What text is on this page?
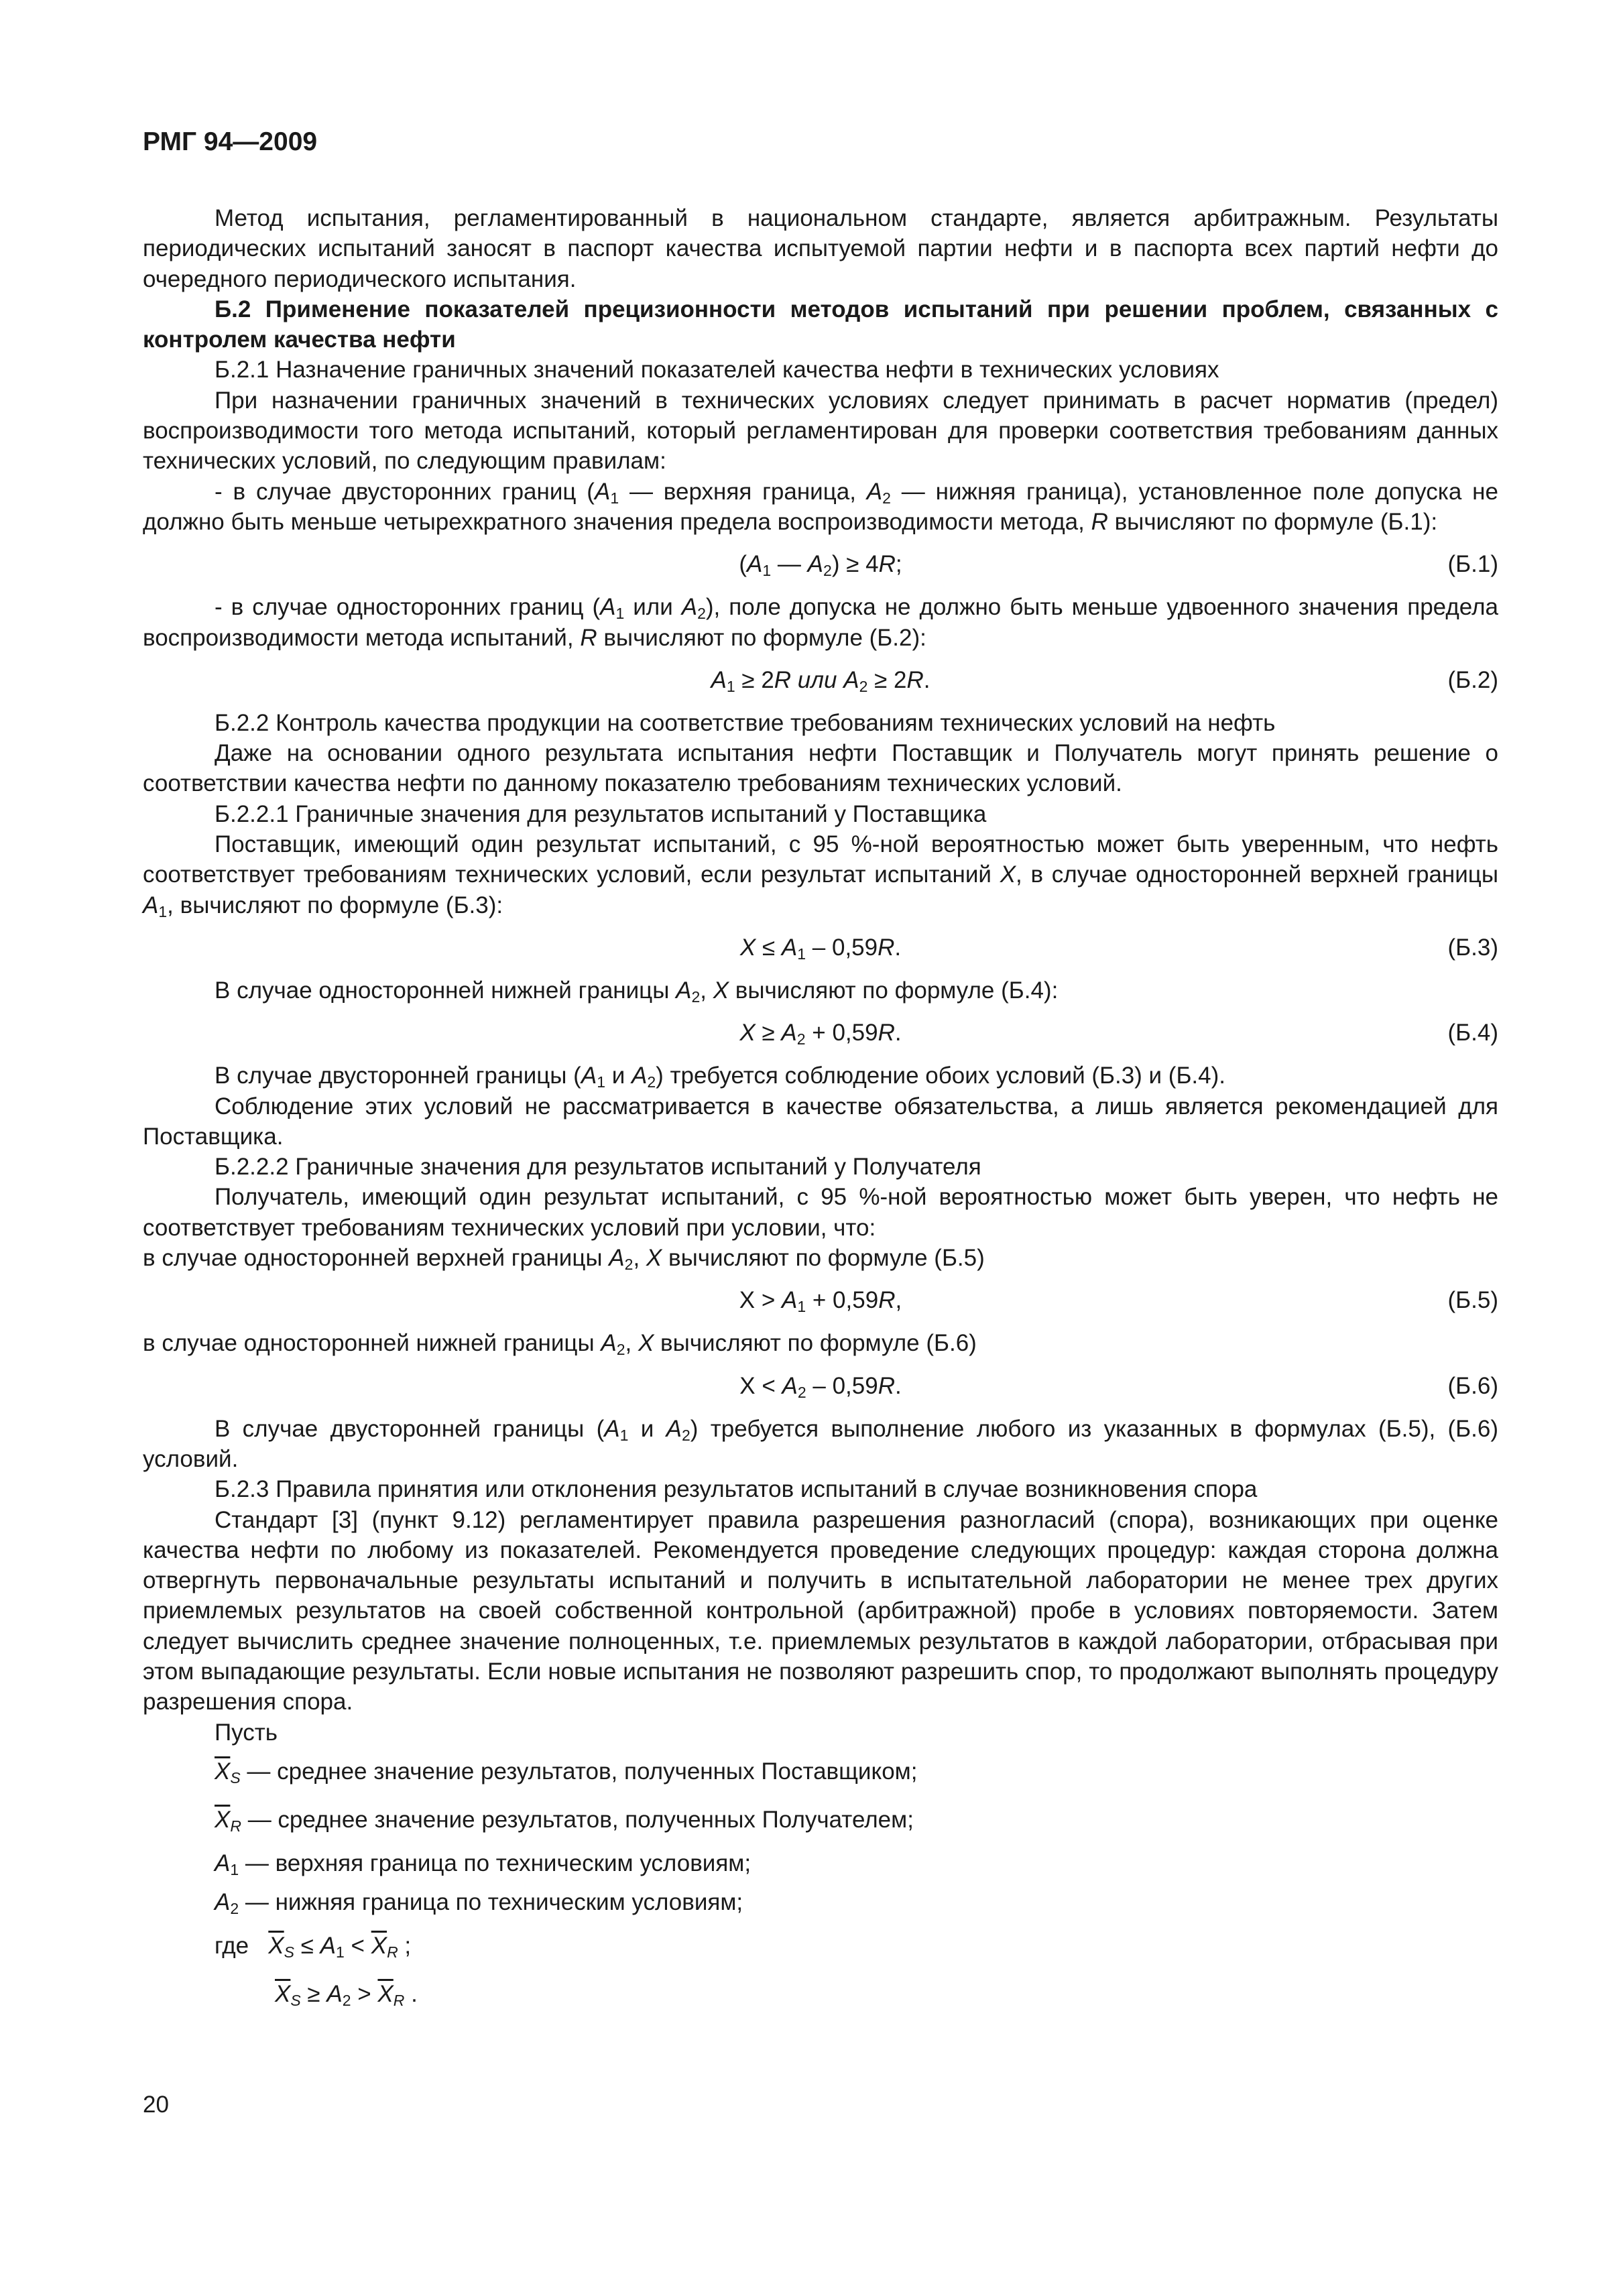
РМГ 94—2009

Метод испытания, регламентированный в национальном стандарте, является арбитражным. Результаты периодических испытаний заносят в паспорт качества испытуемой партии нефти и в паспорта всех партий нефти до очередного периодического испытания.

Б.2 Применение показателей прецизионности методов испытаний при решении проблем, связанных с контролем качества нефти

Б.2.1 Назначение граничных значений показателей качества нефти в технических условиях

При назначении граничных значений в технических условиях следует принимать в расчет норматив (предел) воспроизводимости того метода испытаний, который регламентирован для проверки соответствия требованиям данных технических условий, по следующим правилам:

- в случае двусторонних границ ($A_1$ — верхняя граница, $A_2$ — нижняя граница), установленное поле допуска не должно быть меньше четырехкратного значения предела воспроизводимости метода, R вычисляют по формуле (Б.1):

($A_1$ — $A_2) \ge 4R$;	(Б.1)

- в случае односторонних границ ($A_1$ или $A_2$), поле допуска не должно быть меньше удвоенного значения предела воспроизводимости метода испытаний, R вычисляют по формуле (Б.2):

$A_1 \ge 2R$ или $A_2 \ge 2R$.	(Б.2)

Б.2.2 Контроль качества продукции на соответствие требованиям технических условий на нефть

Даже на основании одного результата испытания нефти Поставщик и Получатель могут принять решение о соответствии качества нефти по данному показателю требованиям технических условий.

Б.2.2.1 Граничные значения для результатов испытаний у Поставщика

Поставщик, имеющий один результат испытаний, с 95 %-ной вероятностью может быть уверенным, что нефть соответствует требованиям технических условий, если результат испытаний X, в случае односторонней верхней границы $A_1$, вычисляют по формуле (Б.3):

$X \le A_1 - 0,59R$.	(Б.3)

В случае односторонней нижней границы $A_2$, X вычисляют по формуле (Б.4):

$X \ge A_2 + 0,59R$.	(Б.4)

В случае двусторонней границы ($A_1$ и $A_2$) требуется соблюдение обоих условий (Б.3) и (Б.4).

Соблюдение этих условий не рассматривается в качестве обязательства, а лишь является рекомендацией для Поставщика.

Б.2.2.2 Граничные значения для результатов испытаний у Получателя

Получатель, имеющий один результат испытаний, с 95 %-ной вероятностью может быть уверен, что нефть не соответствует требованиям технических условий при условии, что:

в случае односторонней верхней границы $A_2$, X вычисляют по формуле (Б.5)

$X > A_1 + 0,59R$,	(Б.5)

в случае односторонней нижней границы $A_2$, X вычисляют по формуле (Б.6)

$X < A_2 - 0,59R$.	(Б.6)

В случае двусторонней границы ($A_1$ и $A_2$) требуется выполнение любого из указанных в формулах (Б.5), (Б.6) условий.

Б.2.3 Правила принятия или отклонения результатов испытаний в случае возникновения спора

Стандарт [3] (пункт 9.12) регламентирует правила разрешения разногласий (спора), возникающих при оценке качества нефти по любому из показателей. Рекомендуется проведение следующих процедур: каждая сторона должна отвергнуть первоначальные результаты испытаний и получить в испытательной лаборатории не менее трех других приемлемых результатов на своей собственной контрольной (арбитражной) пробе в условиях повторяемости. Затем следует вычислить среднее значение полноценных, т.е. приемлемых результатов в каждой лаборатории, отбрасывая при этом выпадающие результаты. Если новые испытания не позволяют разрешить спор, то продолжают выполнять процедуру разрешения спора.

Пусть

$\overline{X}_S$ — среднее значение результатов, полученных Поставщиком;
$\overline{X}_R$ — среднее значение результатов, полученных Получателем;
$A_1$ — верхняя граница по техническим условиям;
$A_2$ — нижняя граница по техническим условиям;
где $\overline{X}_S \le A_1 < \overline{X}_R$ ;
$\overline{X}_S \ge A_2 > \overline{X}_R$ .
20
